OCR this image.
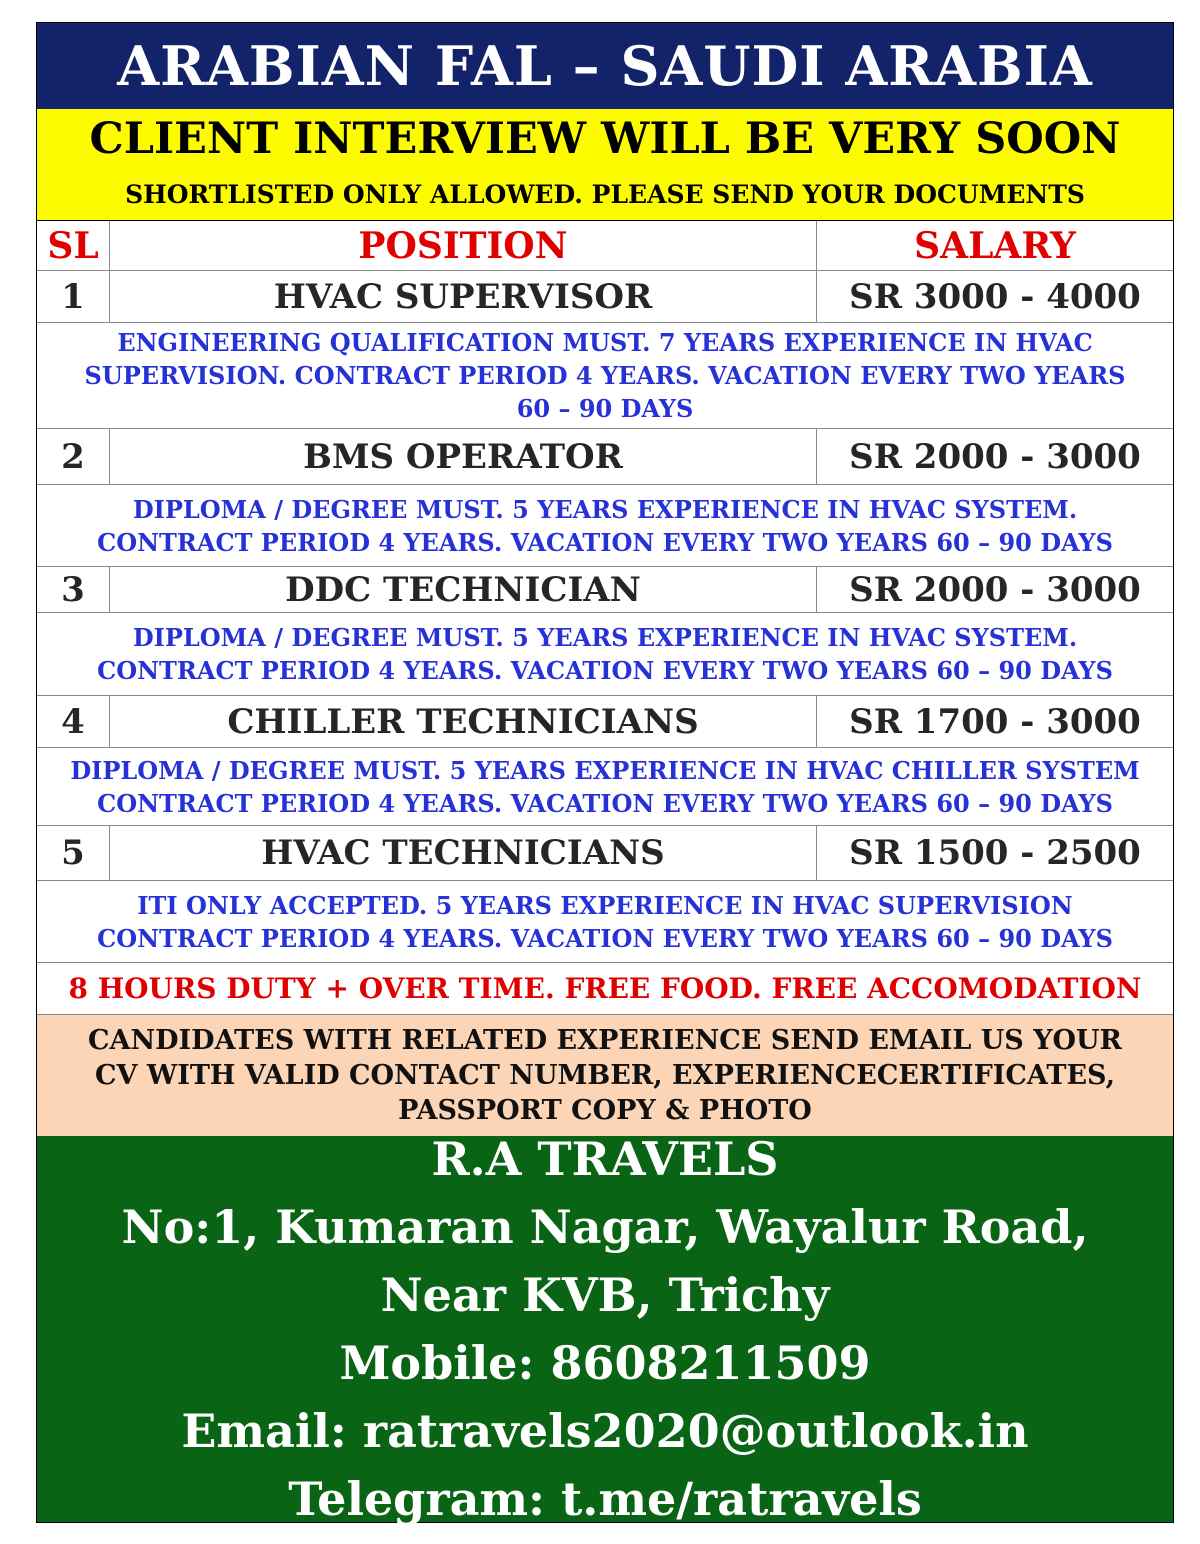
ARABIAN FAL – SAUDI ARABIA
CLIENT INTERVIEW WILL BE VERY SOON
SHORTLISTED ONLY ALLOWED. PLEASE SEND YOUR DOCUMENTS
SL	POSITION	SALARY
1	HVAC SUPERVISOR	SR 3000 - 4000
ENGINEERING QUALIFICATION MUST. 7 YEARS EXPERIENCE IN HVAC
SUPERVISION. CONTRACT PERIOD 4 YEARS. VACATION EVERY TWO YEARS
60 – 90 DAYS
2	BMS OPERATOR	SR 2000 - 3000
DIPLOMA / DEGREE MUST. 5 YEARS EXPERIENCE IN HVAC SYSTEM.
CONTRACT PERIOD 4 YEARS. VACATION EVERY TWO YEARS 60 – 90 DAYS
3	DDC TECHNICIAN	SR 2000 - 3000
DIPLOMA / DEGREE MUST. 5 YEARS EXPERIENCE IN HVAC SYSTEM.
CONTRACT PERIOD 4 YEARS. VACATION EVERY TWO YEARS 60 – 90 DAYS
4	CHILLER TECHNICIANS	SR 1700 - 3000
DIPLOMA / DEGREE MUST. 5 YEARS EXPERIENCE IN HVAC CHILLER SYSTEM
CONTRACT PERIOD 4 YEARS. VACATION EVERY TWO YEARS 60 – 90 DAYS
5	HVAC TECHNICIANS	SR 1500 - 2500
ITI ONLY ACCEPTED. 5 YEARS EXPERIENCE IN HVAC SUPERVISION
CONTRACT PERIOD 4 YEARS. VACATION EVERY TWO YEARS 60 – 90 DAYS
8 HOURS DUTY + OVER TIME. FREE FOOD. FREE ACCOMODATION
CANDIDATES WITH RELATED EXPERIENCE SEND EMAIL US YOUR
CV WITH VALID CONTACT NUMBER, EXPERIENCECERTIFICATES,
PASSPORT COPY & PHOTO
R.A TRAVELS
No:1, Kumaran Nagar, Wayalur Road,
Near KVB, Trichy
Mobile: 8608211509
Email: ratravels2020@outlook.in
Telegram: t.me/ratravels
